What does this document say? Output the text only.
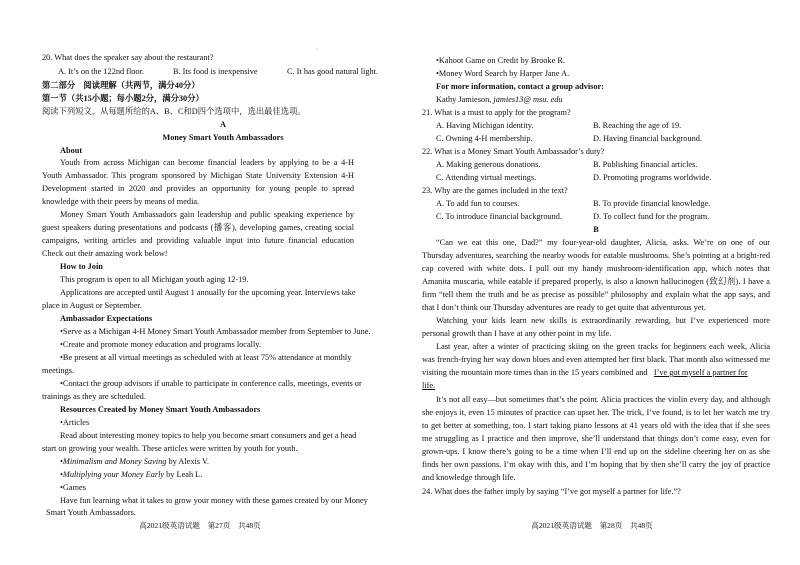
·
20. What does the speaker say about the restaurant?
A. It’s on the 122nd floor.	B. Its food is inexpensive	C. It has good natural light.
第二部分　阅读理解（共两节，满分40分）
第一节（共15小题；每小题2分，满分30分）
阅读下列短文，从每题所给的A、B、C和D四个选项中，选出最佳选项。
A
Money Smart Youth Ambassadors
About
Youth from across Michigan can become financial leaders by applying to be a 4-H
Youth Ambassador. This program sponsored by Michigan State University Extension 4-H
Development started in 2020 and provides an opportunity for young people to spread
knowledge with their peers by means of media.
Money Smart Youth Ambassadors gain leadership and public speaking experience by
guest speakers during presentations and podcasts (播客), developing games, creating social
campaigns, writing articles and providing valuable input into future financial education
Check out their amazing work below!
How to Join
This program is open to all Michigan youth aging 12-19.
Applications are accepted until August 1 annually for the upcoming year. Interviews take
place in August or September.
Ambassador Expectations
•Serve as a Michigan 4-H Money Smart Youth Ambassador member from September to June.
•Create and promote money education and programs locally.
•Be present at all virtual meetings as scheduled with at least 75% attendance at monthly
meetings.
•Contact the group advisors if unable to participate in conference calls, meetings, events or
trainings as they are scheduled.
Resources Created by Money Smart Youth Ambassadors
•Articles
Read about interesting money topics to help you become smart consumers and get a head
start on growing your wealth. These articles were written by youth for youth.
•Minimalism and Money Saving by Alexis V.
•Multiplying your Money Early by Leah L.
•Games
Have fun learning what it takes to grow your money with these games created by our Money
Smart Youth Ambassadors.
高2021级英语试题　第27页　共48页
•Kahoot Game on Credit by Brooke R.
•Money Word Search by Harper Jane A.
For more information, contact a group advisor:
Kathy Jamieson, jamies13@ msu. edu
21. What is a must to apply for the program?
A. Having Michigan identity.	B. Reaching the age of 19.
C. Owning 4-H membership.	D. Having financial background.
22. What is a Money Smart Youth Ambassador’s duty?
A. Making generous donations.	B. Publishing financial articles.
C. Attending virtual meetings.	D. Promoting programs worldwide.
23. Why are the games included in the text?
A. To add fun to courses.	B. To provide financial knowledge.
C. To introduce financial background.	D. To collect fund for the program.
B
“Can we eat this one, Dad?” my four-year-old daughter, Alicia, asks. We’re on one of our
Thursday adventures, searching the nearby woods for eatable mushrooms. She’s pointing at a bright-red
cap covered with white dots. I pull out my handy mushroom-identification app, which notes that
Amanita muscaria, while eatable if prepared properly, is also a known hallucinogen (致幻剂). I have a
firm “tell them the truth and be as precise as possible” philosophy and explain what the app says, and
that I don’t think our Thursday adventures are ready to get quite that adventurous yet.
Watching your kids learn new skills is extraordinarily rewarding, but I’ve experienced more
personal growth than I have at any other point in my life.
Last year, after a winter of practicing skiing on the green tracks for beginners each week, Alicia
was french-frying her way down blues and even attempted her first black. That month also witnessed me
visiting the mountain more times than in the 15 years combined and I’ve got myself a partner for
life.
It’s not all easy—but sometimes that’s the point. Alicia practices the violin every day, and although
she enjoys it, even 15 minutes of practice can upset her. The trick, I’ve found, is to let her watch me try
to get better at something, too. I start taking piano lessons at 41 years old with the idea that if she sees
me struggling as I practice and then improve, she’ll understand that things don’t come easy, even for
grown-ups. I know there’s going to be a time when I’ll end up on the sideline cheering her on as she
finds her own passions. I’m okay with this, and I’m hoping that by then she’ll carry the joy of practice
and knowledge through life.
24. What does the father imply by saying “I’ve got myself a partner for life.”?
高2021级英语试题　第28页　共48页
